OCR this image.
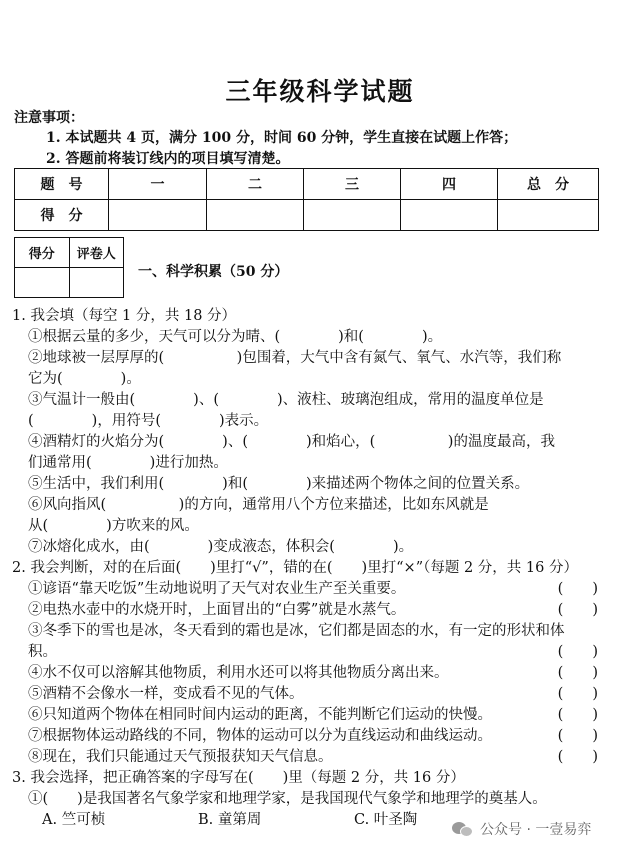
三年级科学试题
注意事项：
1. 本试题共 4 页，满分 100 分，时间 60 分钟，学生直接在试题上作答；
2. 答题前将装订线内的项目填写清楚。
题　号	一	二	三	四	总　分
得　分					
得分	评卷人

一、科学积累（50 分）
1. 我会填（每空 1 分，共 18 分）
①根据云量的多少，天气可以分为晴、(　　　　)和(　　　　)。
②地球被一层厚厚的(　　　　　)包围着，大气中含有氮气、氧气、水汽等，我们称
它为(　　　　)。
③气温计一般由(　　　　)、(　　　　)、液柱、玻璃泡组成，常用的温度单位是
(　　　　)，用符号(　　　　)表示。
④酒精灯的火焰分为(　　　　)、(　　　　)和焰心，(　　　　　)的温度最高，我
们通常用(　　　　)进行加热。
⑤生活中，我们利用(　　　　)和(　　　　)来描述两个物体之间的位置关系。
⑥风向指风(　　　　　)的方向，通常用八个方位来描述，比如东风就是
从(　　　　)方吹来的风。
⑦冰熔化成水，由(　　　　)变成液态，体积会(　　　　)。
2. 我会判断，对的在后面(　　)里打“√”，错的在(　　)里打“×”（每题 2 分，共 16 分）
①谚语“靠天吃饭”生动地说明了天气对农业生产至关重要。	(　　)
②电热水壶中的水烧开时，上面冒出的“白雾”就是水蒸气。	(　　)
③冬季下的雪也是冰，冬天看到的霜也是冰，它们都是固态的水，有一定的形状和体
积。	(　　)
④水不仅可以溶解其他物质，利用水还可以将其他物质分离出来。	(　　)
⑤酒精不会像水一样，变成看不见的气体。	(　　)
⑥只知道两个物体在相同时间内运动的距离，不能判断它们运动的快慢。	(　　)
⑦根据物体运动路线的不同，物体的运动可以分为直线运动和曲线运动。	(　　)
⑧现在，我们只能通过天气预报获知天气信息。	(　　)
3. 我会选择，把正确答案的字母写在(　　)里（每题 2 分，共 16 分）
①(　　)是我国著名气象学家和地理学家，是我国现代气象学和地理学的奠基人。
A. 竺可桢	B. 童第周	C. 叶圣陶
公众号 · 一壹易弈
